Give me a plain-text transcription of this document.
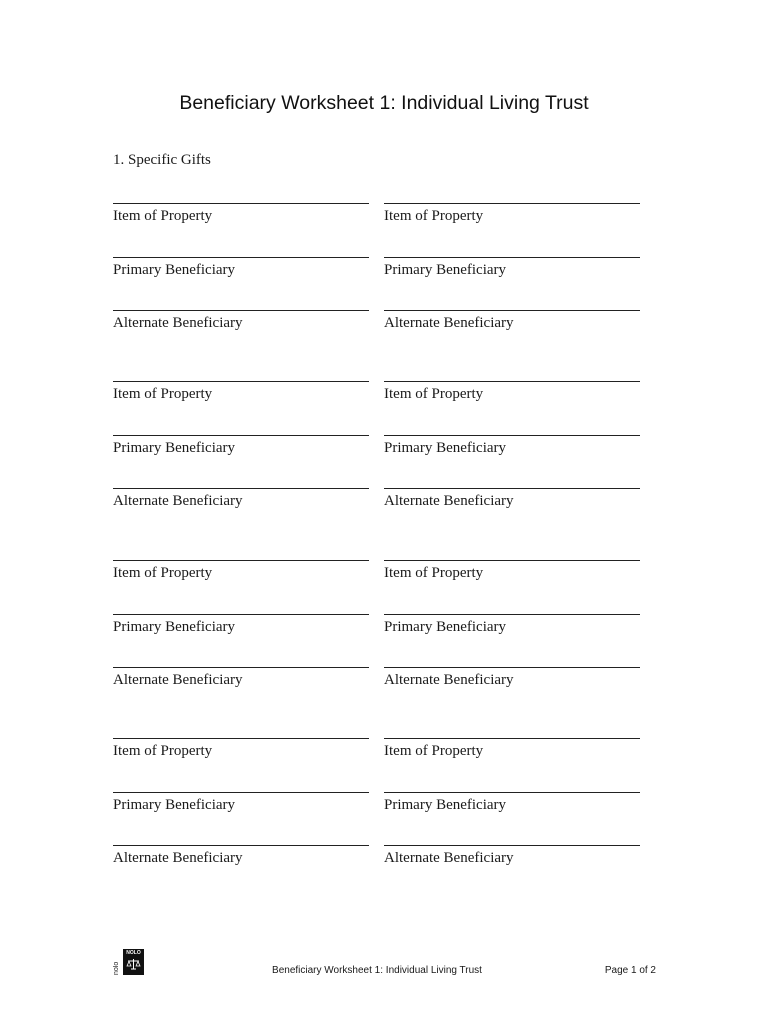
Beneficiary Worksheet 1: Individual Living Trust
1. Specific Gifts
Item of Property
Primary Beneficiary
Alternate Beneficiary
Item of Property
Primary Beneficiary
Alternate Beneficiary
Item of Property
Primary Beneficiary
Alternate Beneficiary
Item of Property
Primary Beneficiary
Alternate Beneficiary
Item of Property
Primary Beneficiary
Alternate Beneficiary
Item of Property
Primary Beneficiary
Alternate Beneficiary
Item of Property
Primary Beneficiary
Alternate Beneficiary
Item of Property
Primary Beneficiary
Alternate Beneficiary
nolo
NOLO
Beneficiary Worksheet 1: Individual Living Trust	Page 1 of 2
